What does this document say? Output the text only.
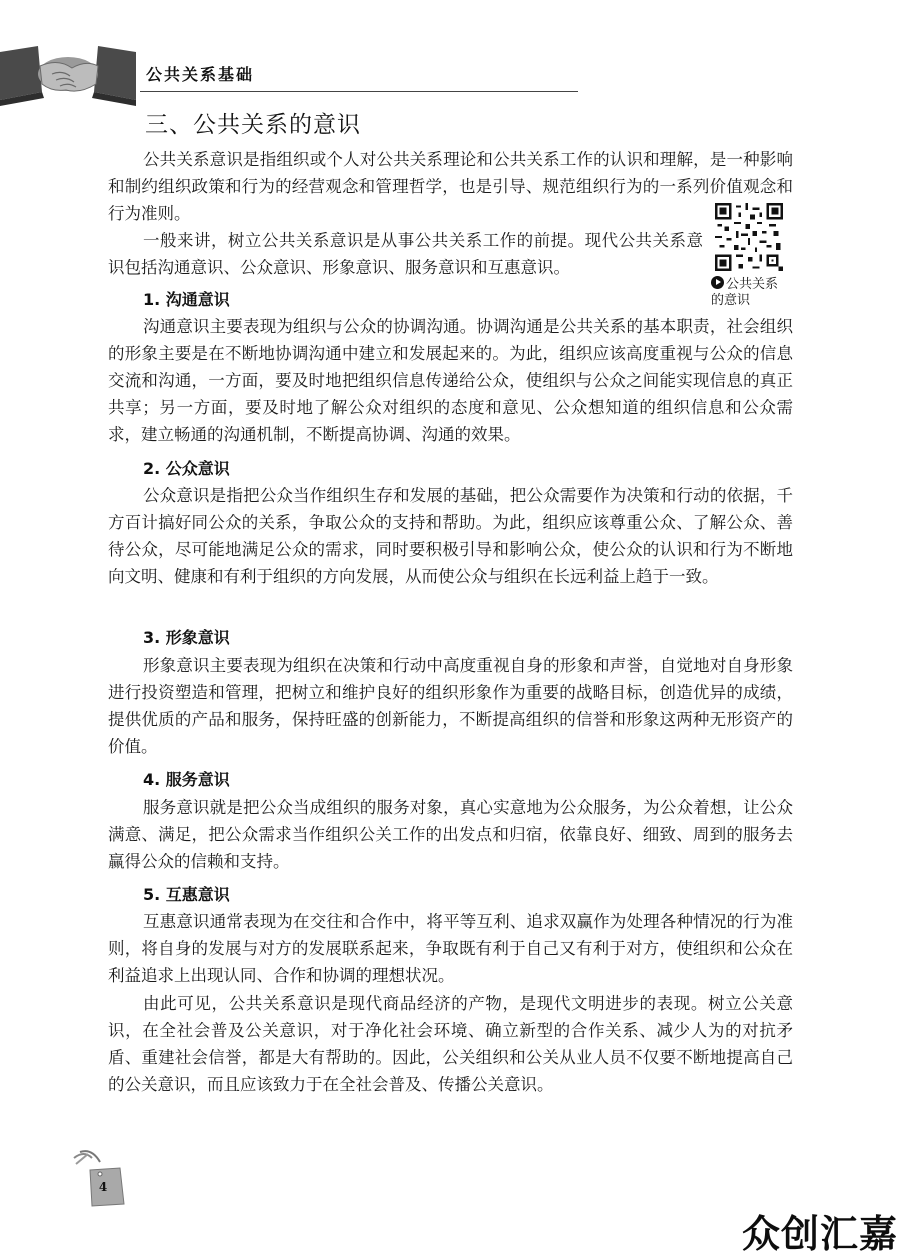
公共关系基础
三、公共关系的意识

公共关系意识是指组织或个人对公共关系理论和公共关系工作的认识和理解，是一种影响和制约组织政策和行为的经营观念和管理哲学，也是引导、规范组织行为的一系列价值观念和行为准则。

一般来讲，树立公共关系意识是从事公共关系工作的前提。现代公共关系意识包括沟通意识、公众意识、形象意识、服务意识和互惠意识。

公共关系
的意识
1. 沟通意识

沟通意识主要表现为组织与公众的协调沟通。协调沟通是公共关系的基本职责，社会组织的形象主要是在不断地协调沟通中建立和发展起来的。为此，组织应该高度重视与公众的信息交流和沟通，一方面，要及时地把组织信息传递给公众，使组织与公众之间能实现信息的真正共享；另一方面，要及时地了解公众对组织的态度和意见、公众想知道的组织信息和公众需求，建立畅通的沟通机制，不断提高协调、沟通的效果。

2. 公众意识

公众意识是指把公众当作组织生存和发展的基础，把公众需要作为决策和行动的依据，千方百计搞好同公众的关系，争取公众的支持和帮助。为此，组织应该尊重公众、了解公众、善待公众，尽可能地满足公众的需求，同时要积极引导和影响公众，使公众的认识和行为不断地向文明、健康和有利于组织的方向发展，从而使公众与组织在长远利益上趋于一致。

3. 形象意识

形象意识主要表现为组织在决策和行动中高度重视自身的形象和声誉，自觉地对自身形象进行投资塑造和管理，把树立和维护良好的组织形象作为重要的战略目标，创造优异的成绩，提供优质的产品和服务，保持旺盛的创新能力，不断提高组织的信誉和形象这两种无形资产的价值。

4. 服务意识

服务意识就是把公众当成组织的服务对象，真心实意地为公众服务，为公众着想，让公众满意、满足，把公众需求当作组织公关工作的出发点和归宿，依靠良好、细致、周到的服务去赢得公众的信赖和支持。

5. 互惠意识

互惠意识通常表现为在交往和合作中，将平等互利、追求双赢作为处理各种情况的行为准则，将自身的发展与对方的发展联系起来，争取既有利于自己又有利于对方，使组织和公众在利益追求上出现认同、合作和协调的理想状况。

由此可见，公共关系意识是现代商品经济的产物，是现代文明进步的表现。树立公关意识，在全社会普及公关意识，对于净化社会环境、确立新型的合作关系、减少人为的对抗矛盾、重建社会信誉，都是大有帮助的。因此，公关组织和公关从业人员不仅要不断地提高自己的公关意识，而且应该致力于在全社会普及、传播公关意识。

4
众创汇嘉
